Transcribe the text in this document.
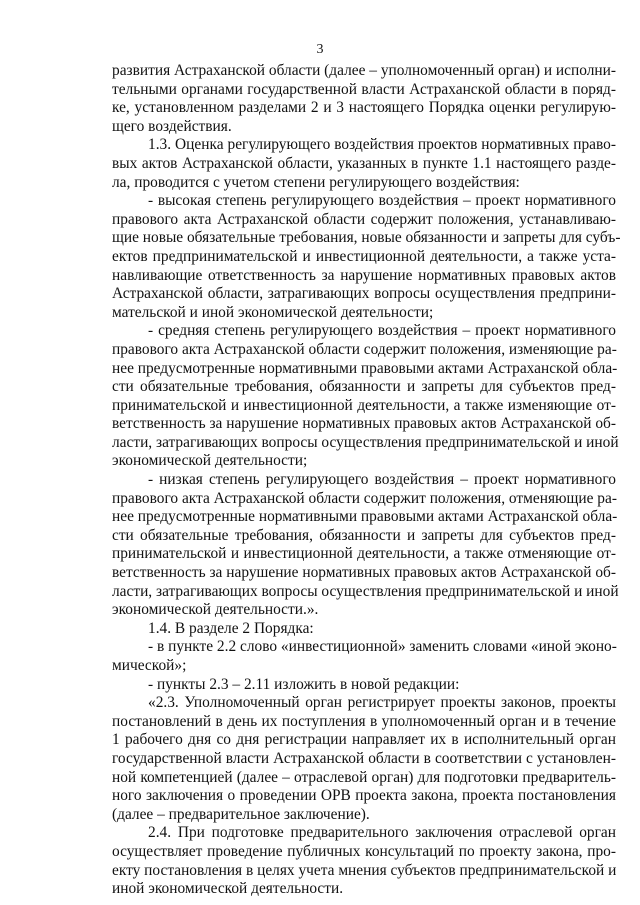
3
развития Астраханской области (далее – уполномоченный орган) и исполни-
тельными органами государственной власти Астраханской области в поряд-
ке, установленном разделами 2 и 3 настоящего Порядка оценки регулирую-
щего воздействия.
1.3. Оценка регулирующего воздействия проектов нормативных право-
вых актов Астраханской области, указанных в пункте 1.1 настоящего разде-
ла, проводится с учетом степени регулирующего воздействия:
- высокая степень регулирующего воздействия – проект нормативного
правового акта Астраханской области содержит положения, устанавливаю-
щие новые обязательные требования, новые обязанности и запреты для субъ-
ектов предпринимательской и инвестиционной деятельности, а также уста-
навливающие ответственность за нарушение нормативных правовых актов
Астраханской области, затрагивающих вопросы осуществления предприни-
мательской и иной экономической деятельности;
- средняя степень регулирующего воздействия – проект нормативного
правового акта Астраханской области содержит положения, изменяющие ра-
нее предусмотренные нормативными правовыми актами Астраханской обла-
сти обязательные требования, обязанности и запреты для субъектов пред-
принимательской и инвестиционной деятельности, а также изменяющие от-
ветственность за нарушение нормативных правовых актов Астраханской об-
ласти, затрагивающих вопросы осуществления предпринимательской и иной
экономической деятельности;
- низкая степень регулирующего воздействия – проект нормативного
правового акта Астраханской области содержит положения, отменяющие ра-
нее предусмотренные нормативными правовыми актами Астраханской обла-
сти обязательные требования, обязанности и запреты для субъектов пред-
принимательской и инвестиционной деятельности, а также отменяющие от-
ветственность за нарушение нормативных правовых актов Астраханской об-
ласти, затрагивающих вопросы осуществления предпринимательской и иной
экономической деятельности.».
1.4. В разделе 2 Порядка:
- в пункте 2.2 слово «инвестиционной» заменить словами «иной эконо-
мической»;
- пункты 2.3 – 2.11 изложить в новой редакции:
«2.3. Уполномоченный орган регистрирует проекты законов, проекты
постановлений в день их поступления в уполномоченный орган и в течение
1 рабочего дня со дня регистрации направляет их в исполнительный орган
государственной власти Астраханской области в соответствии с установлен-
ной компетенцией (далее – отраслевой орган) для подготовки предваритель-
ного заключения о проведении ОРВ проекта закона, проекта постановления
(далее – предварительное заключение).
2.4. При подготовке предварительного заключения отраслевой орган
осуществляет проведение публичных консультаций по проекту закона, про-
екту постановления в целях учета мнения субъектов предпринимательской и
иной экономической деятельности.
